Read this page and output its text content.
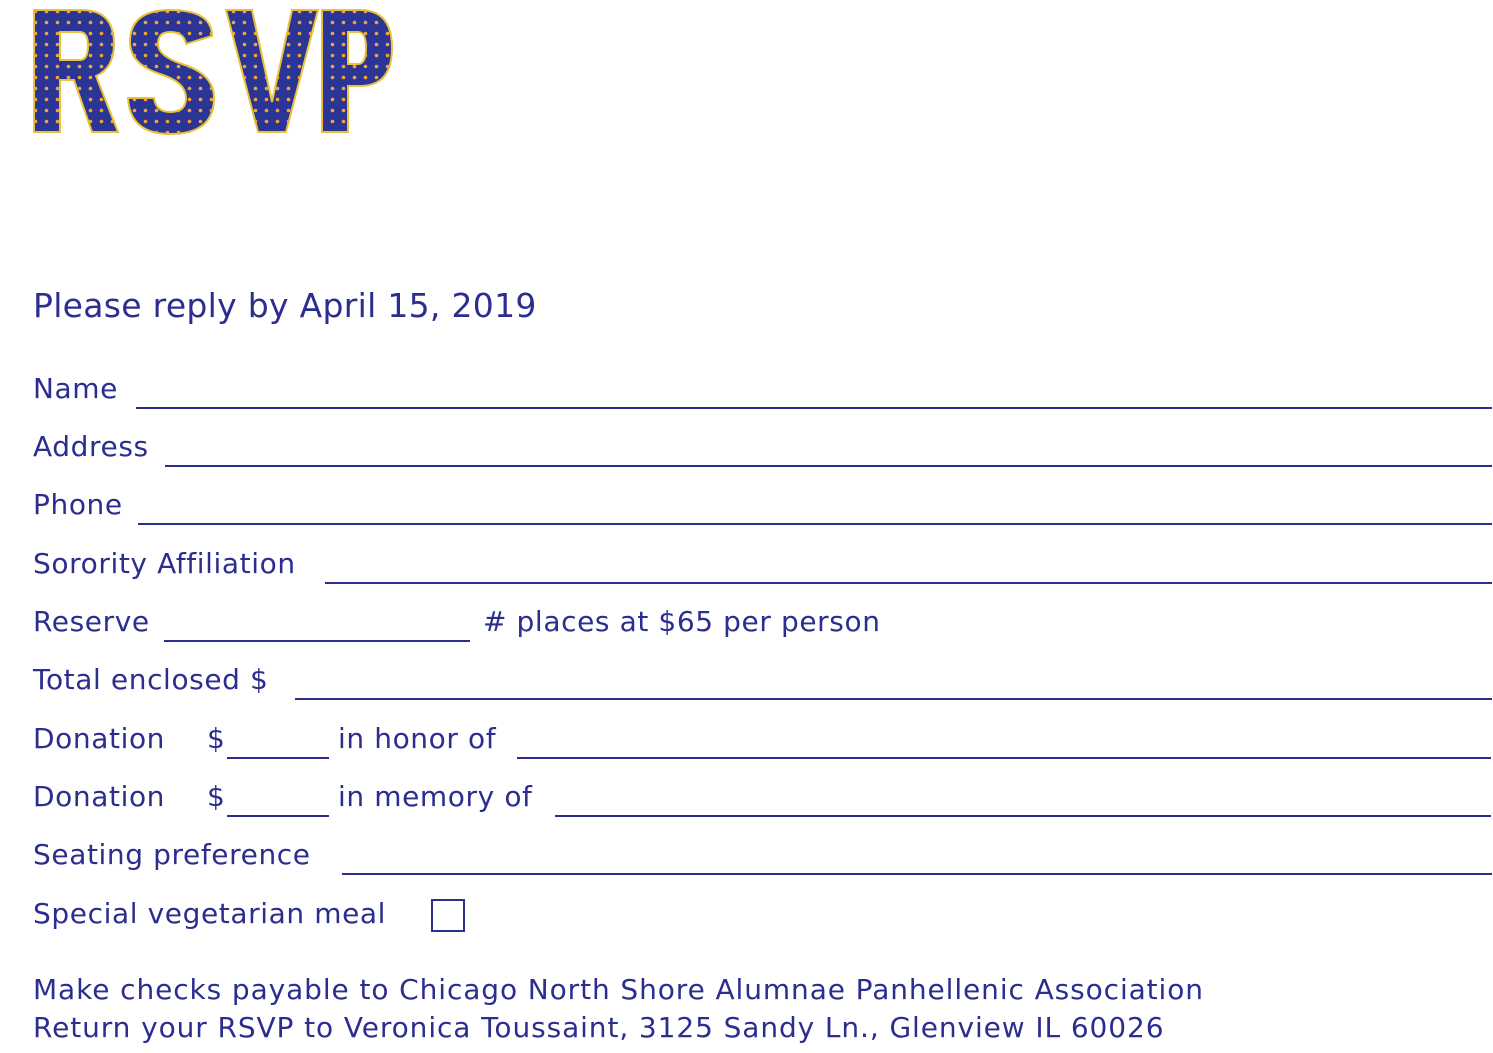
Please reply by April 15, 2019
Name
Address
Phone
Sorority Affiliation
Reserve	# places at $65 per person
Total enclosed $
Donation $	in honor of
Donation $	in memory of
Seating preference
Special vegetarian meal
Make checks payable to Chicago North Shore Alumnae Panhellenic Association
Return your RSVP to Veronica Toussaint, 3125 Sandy Ln., Glenview IL 60026
